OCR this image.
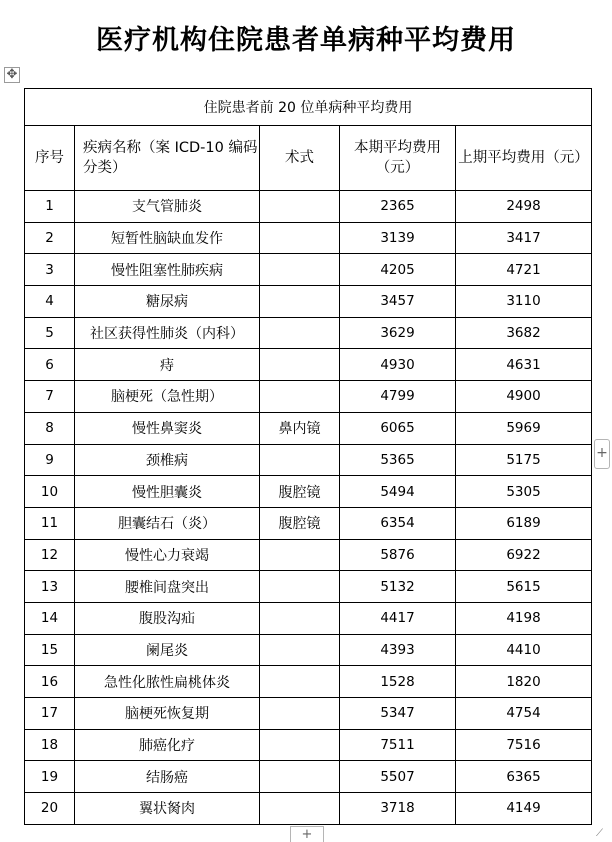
医疗机构住院患者单病种平均费用
✥
住院患者前 20 位单病种平均费用				
序号	疾病名称（案 ICD-10 编码分类）	术式	本期平均费用（元）	上期平均费用（元）
1	支气管肺炎		2365	2498
2	短暂性脑缺血发作		3139	3417
3	慢性阻塞性肺疾病		4205	4721
4	糖尿病		3457	3110
5	社区获得性肺炎（内科）		3629	3682
6	痔		4930	4631
7	脑梗死（急性期）		4799	4900
8	慢性鼻窦炎	鼻内镜	6065	5969
9	颈椎病		5365	5175
10	慢性胆囊炎	腹腔镜	5494	5305
11	胆囊结石（炎）	腹腔镜	6354	6189
12	慢性心力衰竭		5876	6922
13	腰椎间盘突出		5132	5615
14	腹股沟疝		4417	4198
15	阑尾炎		4393	4410
16	急性化脓性扁桃体炎		1528	1820
17	脑梗死恢复期		5347	4754
18	肺癌化疗		7511	7516
19	结肠癌		5507	6365
20	翼状胬肉		3718	4149
+
+	⟋
